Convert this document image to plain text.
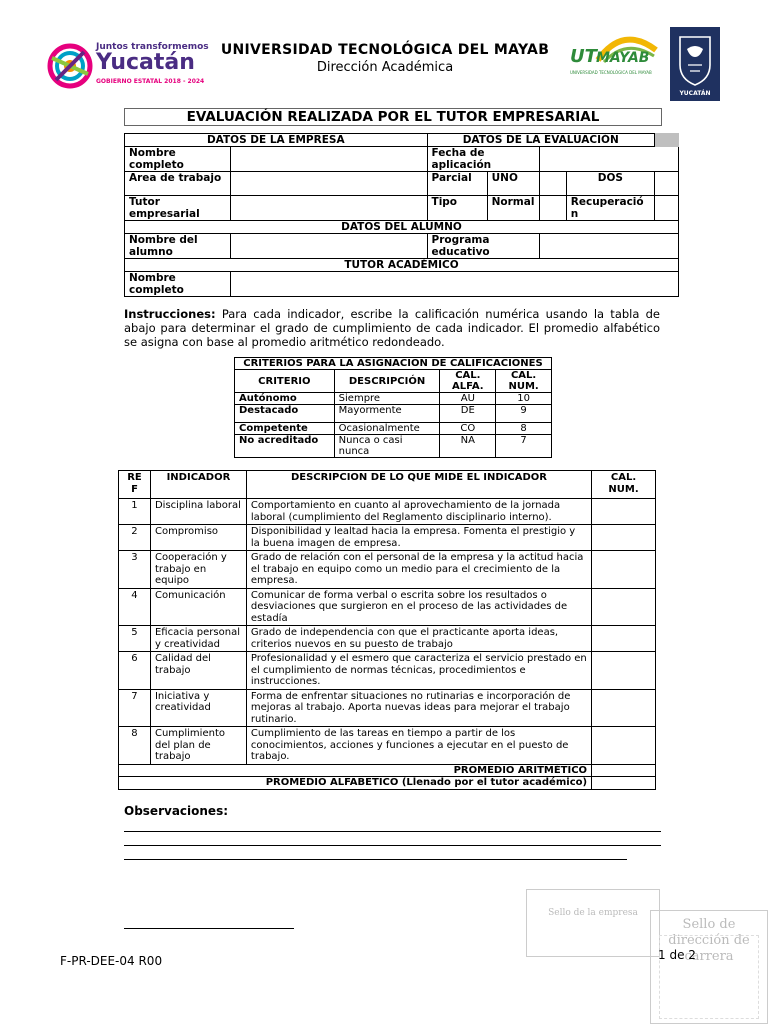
Juntos transformemos
Yucatán
GOBIERNO ESTATAL 2018 - 2024
UNIVERSIDAD TECNOLÓGICA DEL MAYAB
Dirección Académica
UT MAYAB
UNIVERSIDAD TECNOLÓGICA DEL MAYAB
YUCATÁN
EVALUACIÓN REALIZADA POR EL TUTOR EMPRESARIAL
DATOS DE LA EMPRESA		DATOS DE LA EVALUACIÓN				
Nombre completo		Fecha de aplicación				
Area de trabajo		Parcial	UNO		DOS	
Tutor empresarial		Tipo	Normal		Recuperación	
DATOS DEL ALUMNO						
Nombre del alumno		Programa educativo				
TUTOR ACADÉMICO						
Nombre completo						
Instrucciones: Para cada indicador, escribe la calificación numérica usando la tabla de abajo para determinar el grado de cumplimiento de cada indicador. El promedio alfabético se asigna con base al promedio aritmético redondeado.
CRITERIOS PARA LA ASIGNACION DE CALIFICACIONES			
CRITERIO	DESCRIPCIÓN	CAL. ALFA.	CAL. NUM.
Autónomo	Siempre	AU	10
Destacado	Mayormente	DE	9
Competente	Ocasionalmente	CO	8
No acreditado	Nunca o casi nunca	NA	7
RE F	INDICADOR	DESCRIPCION DE LO QUE MIDE EL INDICADOR	CAL. NUM.
1	Disciplina laboral	Comportamiento en cuanto al aprovechamiento de la jornada laboral (cumplimiento del Reglamento disciplinario interno).	
2	Compromiso	Disponibilidad y lealtad hacia la empresa. Fomenta el prestigio y la buena imagen de empresa.	
3	Cooperación y trabajo en equipo	Grado de relación con el personal de la empresa y la actitud hacia el trabajo en equipo como un medio para el crecimiento de la empresa.	
4	Comunicación	Comunicar de forma verbal o escrita sobre los resultados o desviaciones que surgieron en el proceso de las actividades de estadía	
5	Eficacia personal y creatividad	Grado de independencia con que el practicante aporta ideas, criterios nuevos en su puesto de trabajo	
6	Calidad del trabajo	Profesionalidad y el esmero que caracteriza el servicio prestado en el cumplimiento de normas técnicas, procedimientos e instrucciones.	
7	Iniciativa y creatividad	Forma de enfrentar situaciones no rutinarias e incorporación de mejoras al trabajo. Aporta nuevas ideas para mejorar el trabajo rutinario.	
8	Cumplimiento del plan de trabajo	Cumplimiento de las tareas en tiempo a partir de los conocimientos, acciones y funciones a ejecutar en el puesto de trabajo.	
PROMEDIO ARITMÉTICO			
PROMEDIO ALFABETICO (Llenado por el tutor académico)			
Observaciones:
Sello de la empresa
Sello de dirección de carrera
F-PR-DEE-04 R00	1 de 2
